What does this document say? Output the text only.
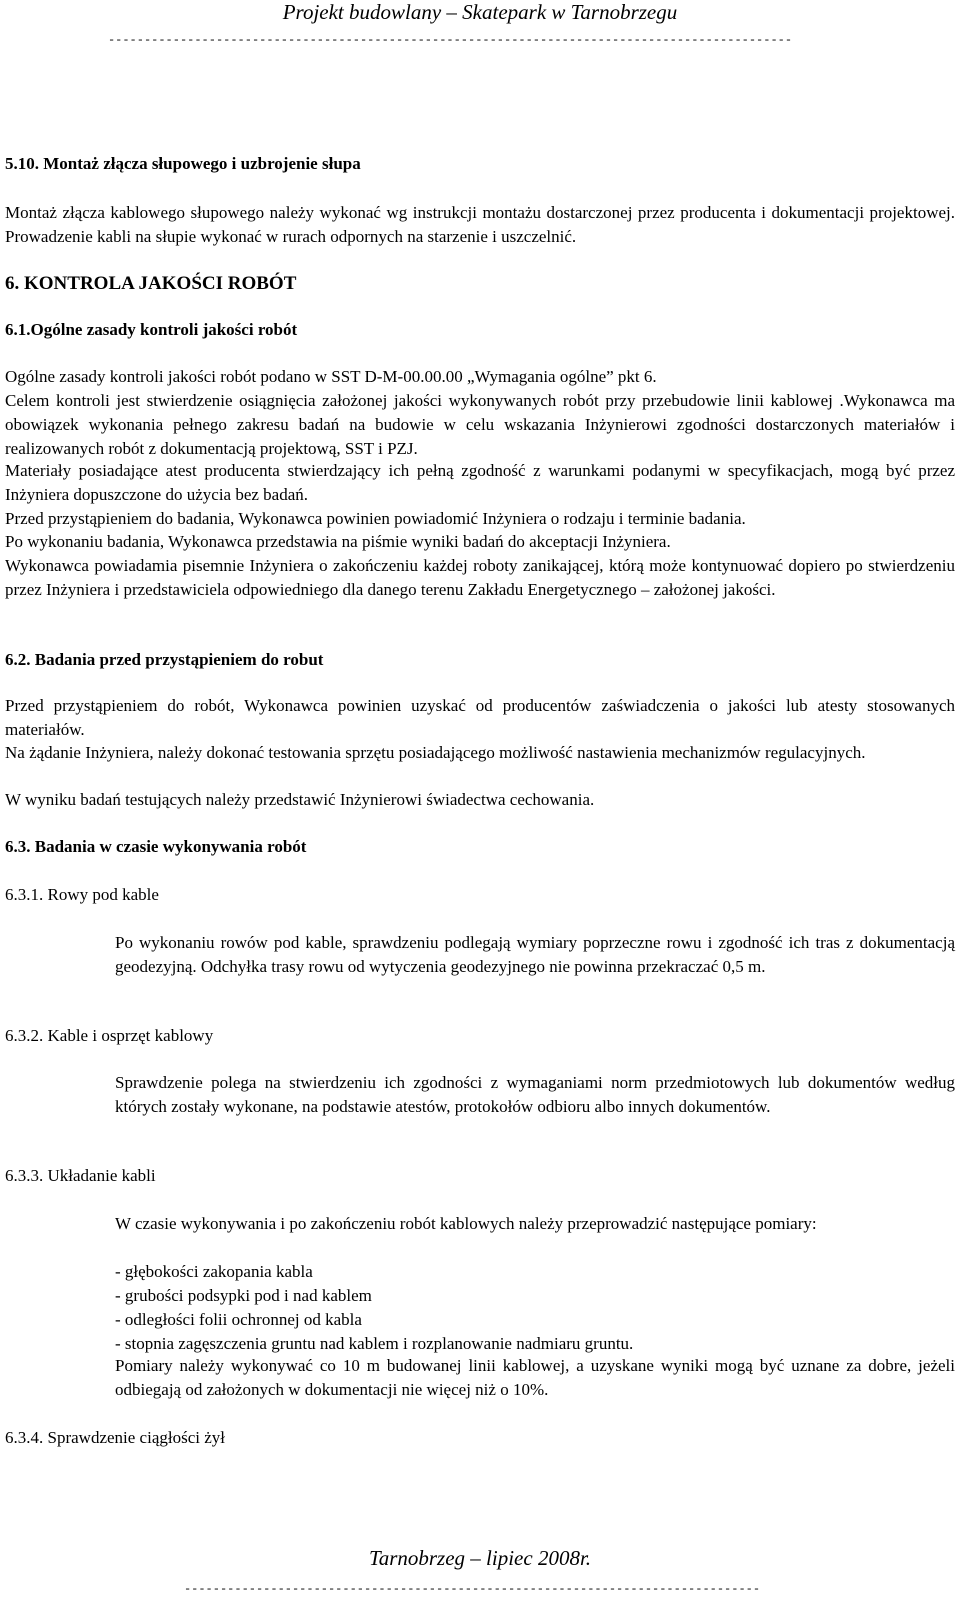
Projekt budowlany – Skatepark w Tarnobrzegu
-----------------------------------------------------------------------------------------------
5.10. Montaż złącza słupowego i uzbrojenie słupa
Montaż złącza kablowego słupowego należy wykonać wg instrukcji montażu dostarczonej przez producenta i dokumentacji projektowej. Prowadzenie kabli na słupie wykonać w rurach odpornych na starzenie i uszczelnić.
6. KONTROLA JAKOŚCI ROBÓT
6.1.Ogólne zasady kontroli jakości robót
Ogólne zasady kontroli jakości robót podano w SST D-M-00.00.00 „Wymagania ogólne” pkt 6.
Celem kontroli jest stwierdzenie osiągnięcia założonej jakości wykonywanych robót przy przebudowie linii kablowej .Wykonawca ma obowiązek wykonania pełnego zakresu badań na budowie w celu wskazania Inżynierowi zgodności dostarczonych materiałów i realizowanych robót z dokumentacją projektową, SST i PZJ.
Materiały posiadające atest producenta stwierdzający ich pełną zgodność z warunkami podanymi w specyfikacjach, mogą być przez Inżyniera dopuszczone do użycia bez badań.
Przed przystąpieniem do badania, Wykonawca powinien powiadomić Inżyniera o rodzaju i terminie badania.
Po wykonaniu badania, Wykonawca przedstawia na piśmie wyniki badań do akceptacji Inżyniera.
Wykonawca powiadamia pisemnie Inżyniera o zakończeniu każdej roboty zanikającej, którą może kontynuować dopiero po stwierdzeniu przez Inżyniera i przedstawiciela odpowiedniego dla danego terenu Zakładu Energetycznego – założonej jakości.
6.2. Badania przed przystąpieniem do robut
Przed przystąpieniem do robót, Wykonawca powinien uzyskać od producentów zaświadczenia o jakości lub atesty stosowanych materiałów.
Na żądanie Inżyniera, należy dokonać testowania sprzętu posiadającego możliwość nastawienia mechanizmów regulacyjnych.
W wyniku badań testujących należy przedstawić Inżynierowi świadectwa cechowania.
6.3. Badania w czasie wykonywania robót
6.3.1. Rowy pod kable
Po wykonaniu rowów pod kable, sprawdzeniu podlegają wymiary poprzeczne rowu i zgodność ich tras z dokumentacją geodezyjną. Odchyłka trasy rowu od wytyczenia geodezyjnego nie powinna przekraczać 0,5 m.
6.3.2. Kable i osprzęt kablowy
Sprawdzenie polega na stwierdzeniu ich zgodności z wymaganiami norm przedmiotowych lub dokumentów według których zostały wykonane, na podstawie atestów, protokołów odbioru albo innych dokumentów.
6.3.3. Układanie kabli
W czasie wykonywania i po zakończeniu robót kablowych należy przeprowadzić następujące pomiary:

- głębokości zakopania kabla

- grubości podsypki pod i nad kablem

- odległości folii ochronnej od kabla

- stopnia zagęszczenia gruntu nad kablem i rozplanowanie nadmiaru gruntu.

Pomiary należy wykonywać co 10 m budowanej linii kablowej, a uzyskane wyniki mogą być uznane za dobre, jeżeli odbiegają od założonych w dokumentacji nie więcej niż o 10%.
6.3.4. Sprawdzenie ciągłości żył
Tarnobrzeg – lipiec 2008r.
--------------------------------------------------------------------------------
